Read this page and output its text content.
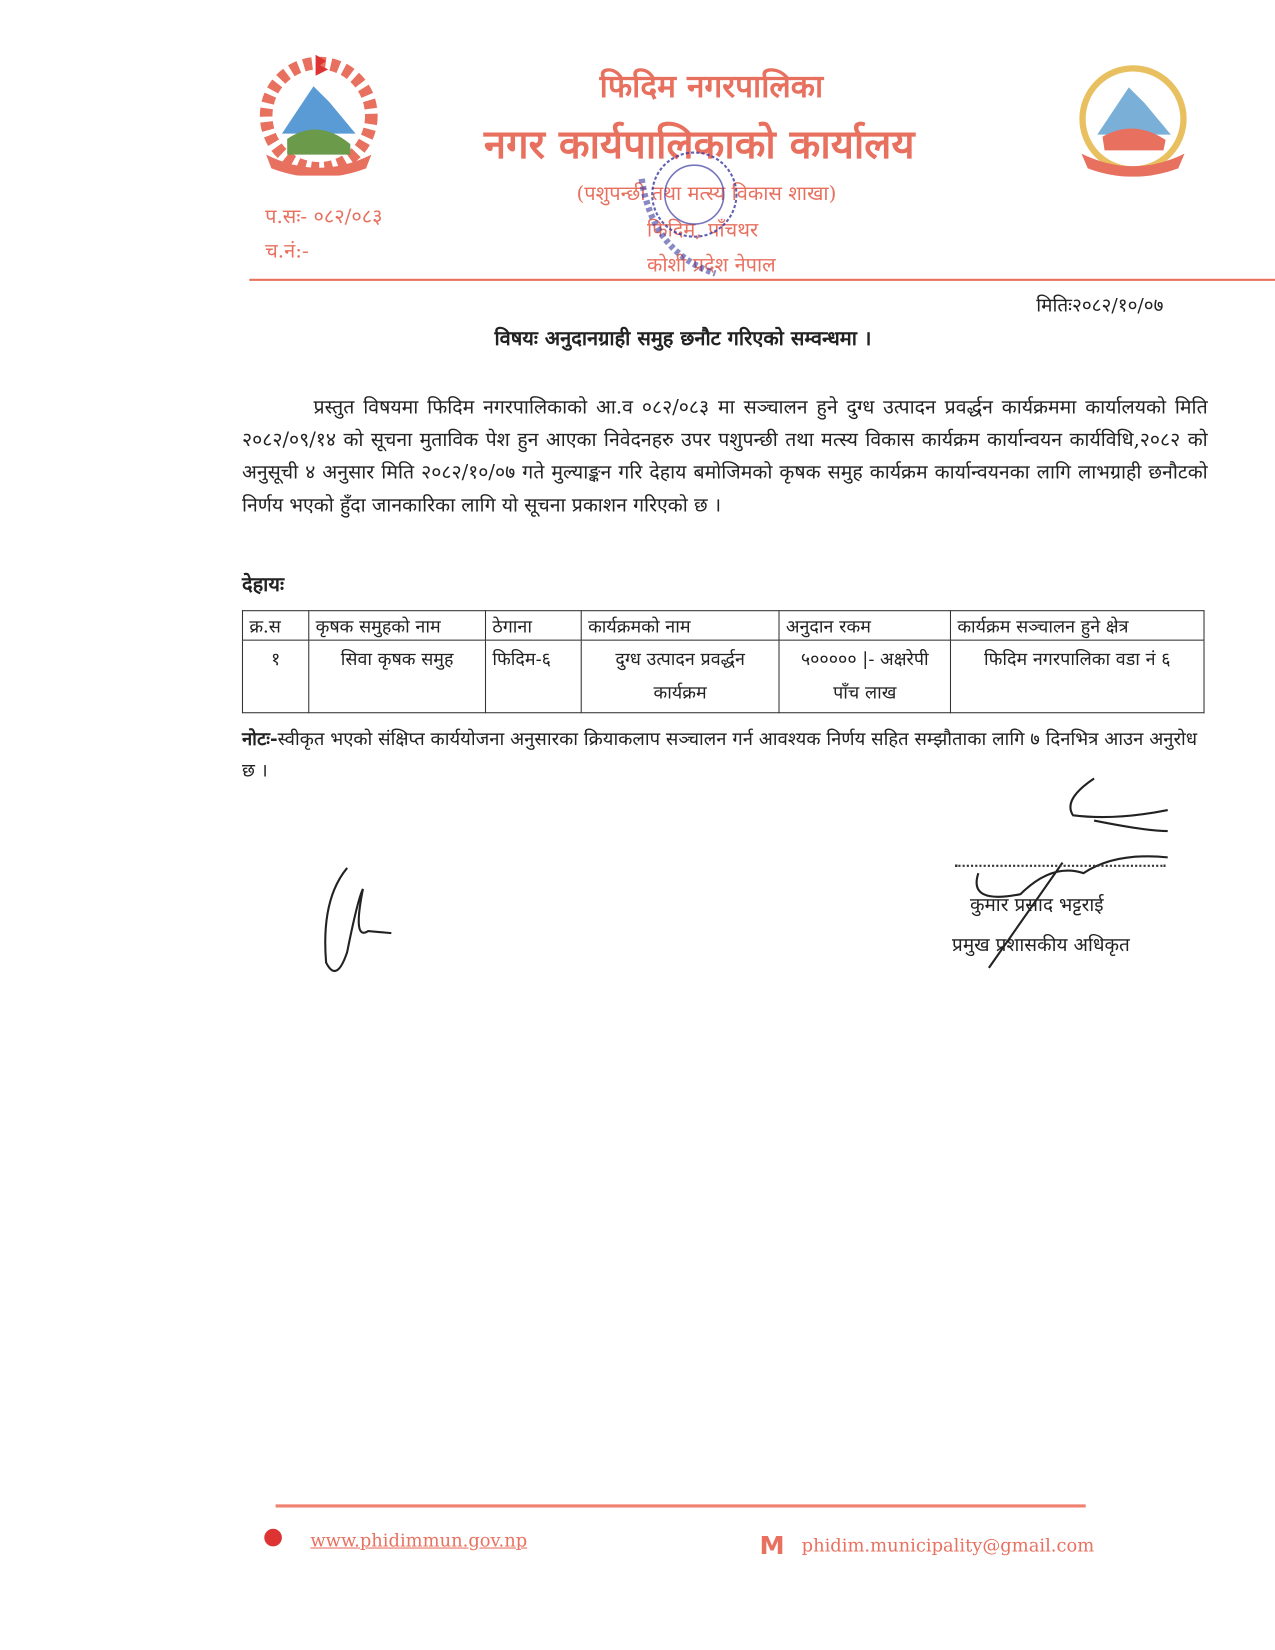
फिदिम नगरपालिका
नगर कार्यपालिकाको कार्यालय
(पशुपन्छी तथा मत्स्य विकास शाखा)
फिदिम, पाँचथर
कोशी प्रदेश नेपाल
प.सः- ०८२/०८३
च.नं:-
मितिः२०८२/१०/०७
विषयः अनुदानग्राही समुह छनौट गरिएको सम्वन्धमा ।
प्रस्तुत विषयमा फिदिम नगरपालिकाको आ.व ०८२/०८३ मा सञ्चालन हुने दुग्ध उत्पादन प्रवर्द्धन कार्यक्रममा कार्यालयको मिति २०८२/०९/१४ को सूचना मुताविक पेश हुन आएका निवेदनहरु उपर पशुपन्छी तथा मत्स्य विकास कार्यक्रम कार्यान्वयन कार्यविधि,२०८२ को अनुसूची ४ अनुसार मिति २०८२/१०/०७ गते मुल्याङ्कन गरि देहाय बमोजिमको कृषक समुह कार्यक्रम कार्यान्वयनका लागि लाभग्राही छनौटको निर्णय भएको हुँदा जानकारिका लागि यो सूचना प्रकाशन गरिएको छ ।
देहायः
क्र.स	कृषक समुहको नाम	ठेगाना	कार्यक्रमको नाम	अनुदान रकम	कार्यक्रम सञ्चालन हुने क्षेत्र
१	सिवा कृषक समुह	फिदिम-६	दुग्ध उत्पादन प्रवर्द्धन कार्यक्रम	५००००० |- अक्षरेपी पाँच लाख	फिदिम नगरपालिका वडा नं ६
नोटः-स्वीकृत भएको संक्षिप्त कार्ययोजना अनुसारका क्रियाकलाप सञ्चालन गर्न आवश्यक निर्णय सहित सम्झौताका लागि ७ दिनभित्र आउन अनुरोध छ ।
कुमार प्रसाद भट्टराई
प्रमुख प्रशासकीय अधिकृत
● www.phidimmun.gov.np	M phidim.municipality@gmail.com
